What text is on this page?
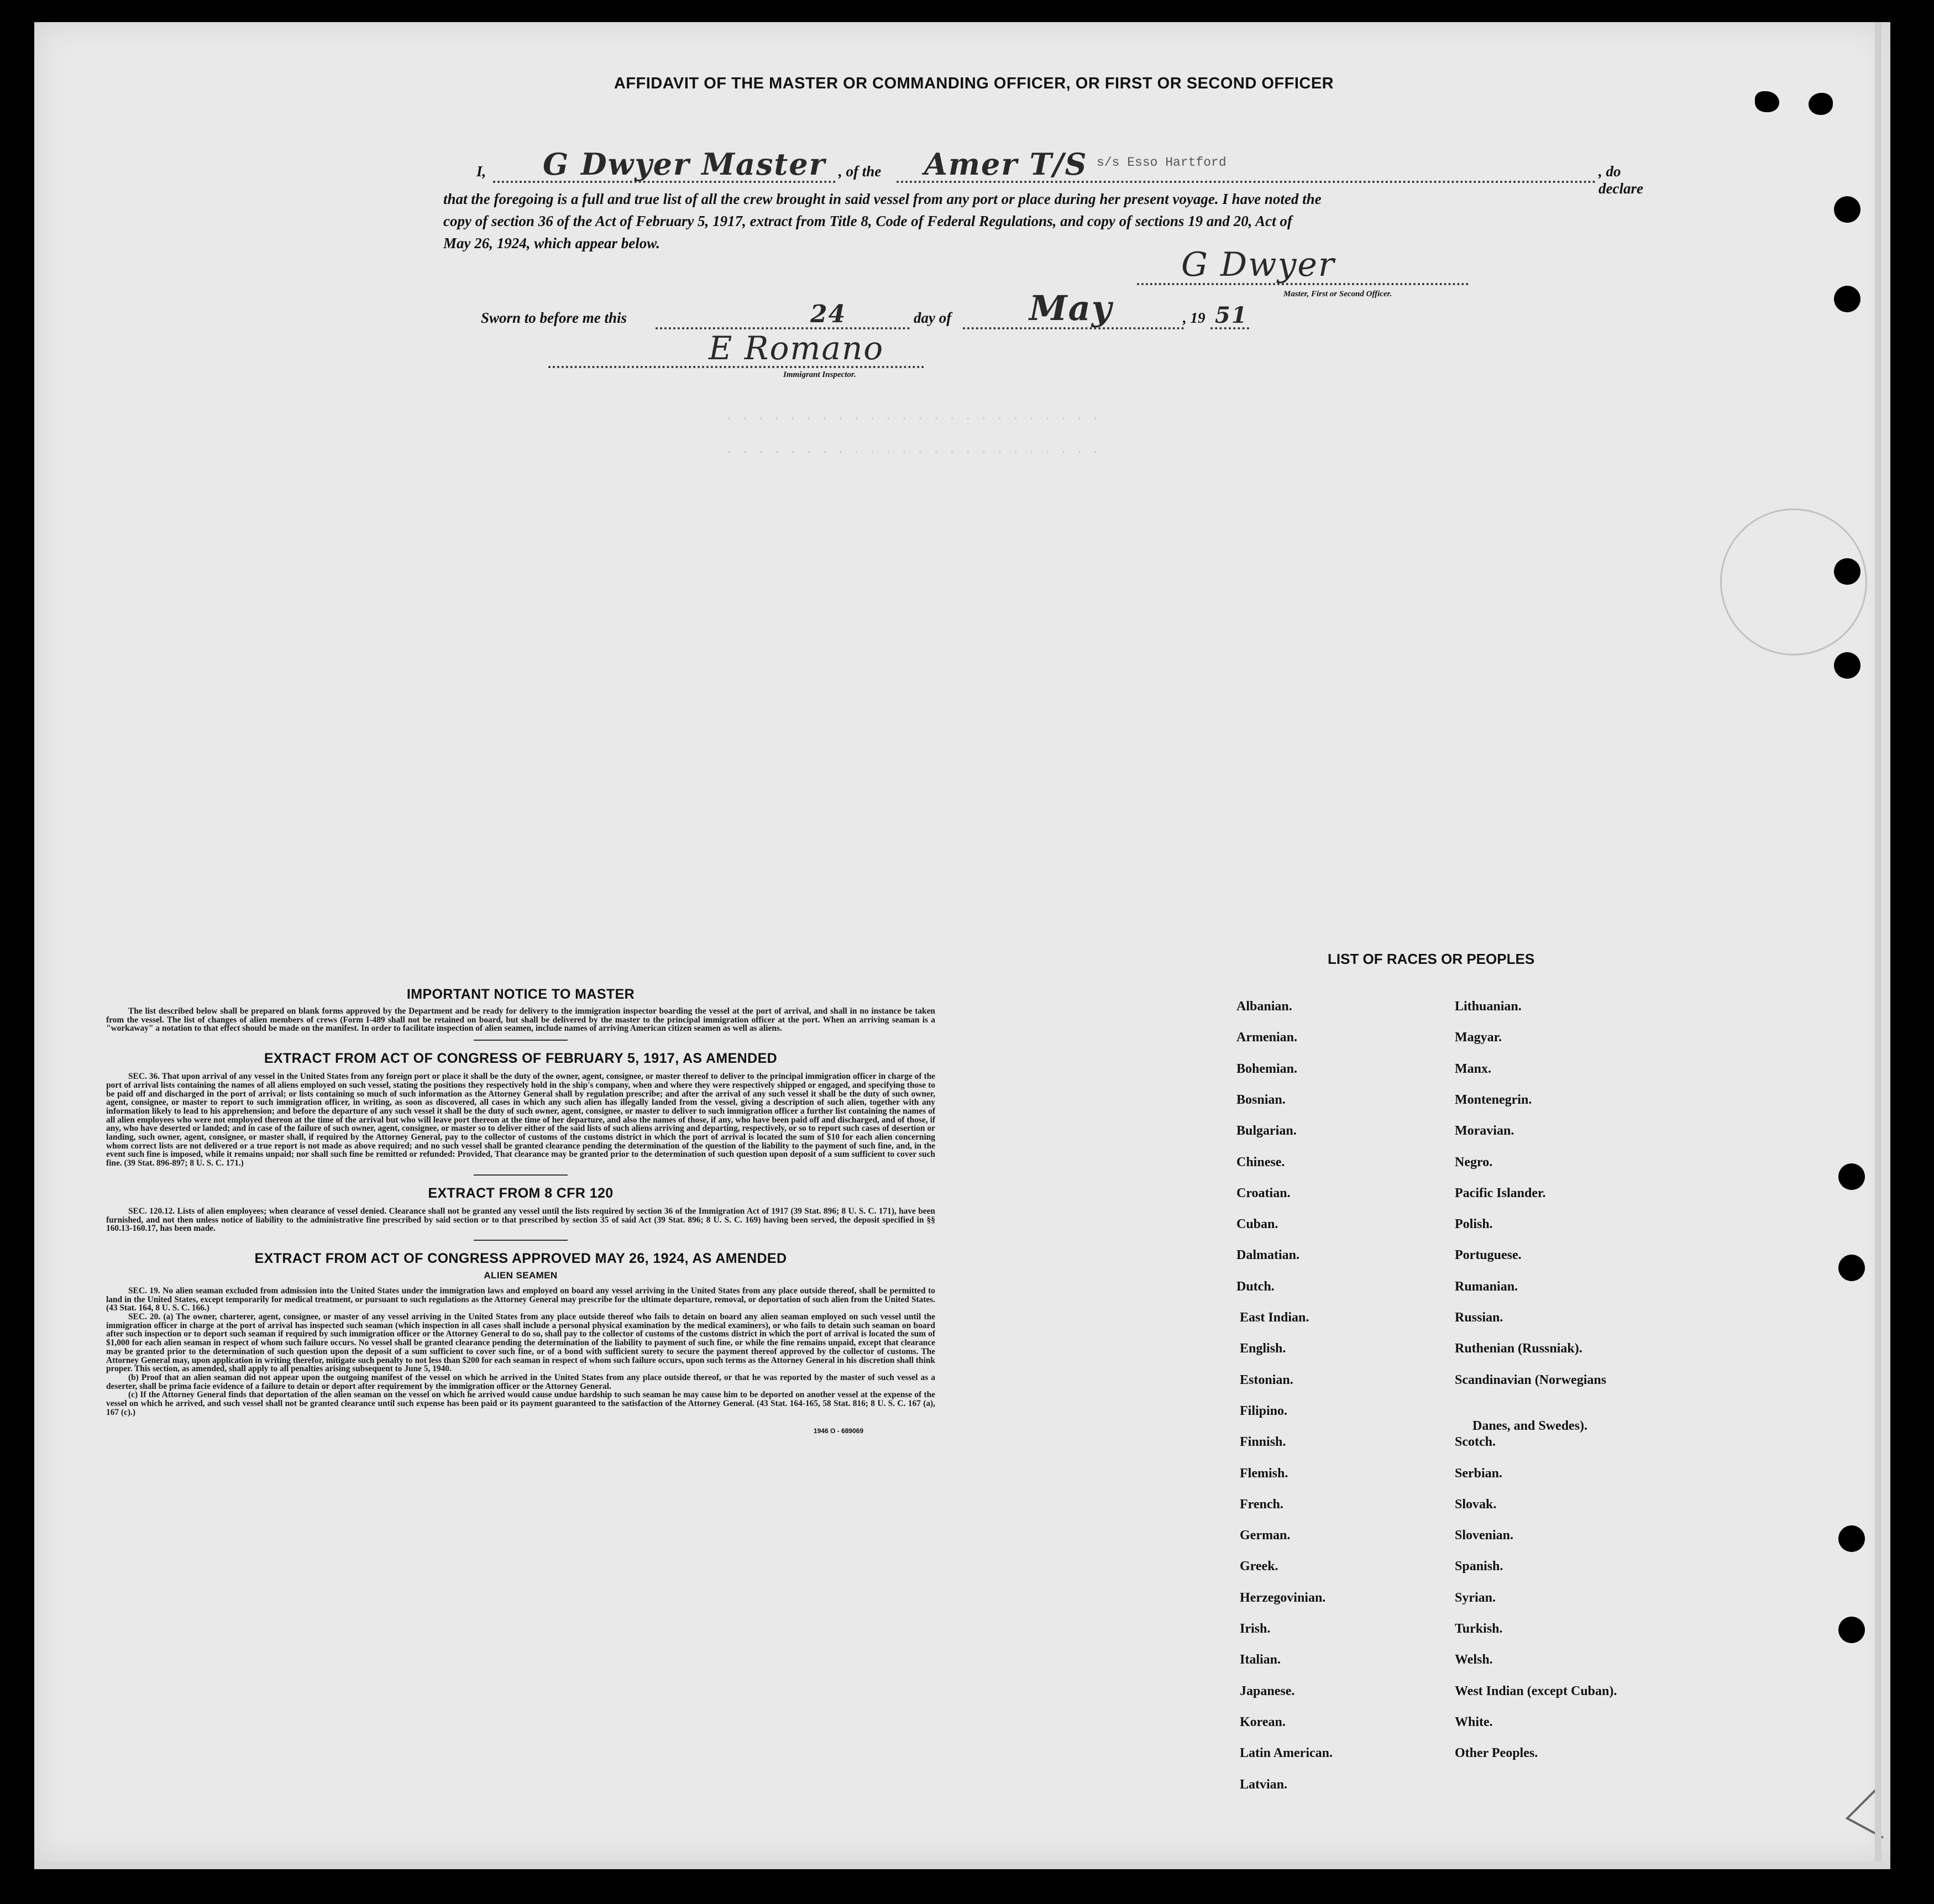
. . . . . . . . . . . . . . . . . . . . . . . .
. . . . . . . . . . . . . . . . . . . . . . . .
AFFIDAVIT OF THE MASTER OR COMMANDING OFFICER, OR FIRST OR SECOND OFFICER
I, G Dwyer Master , of the Amer T/S s/s Esso Hartford
, do declare
that the foregoing is a full and true list of all the crew brought in said vessel from any port or place during her present voyage. I have noted the
copy of section 36 of the Act of February 5, 1917, extract from Title 8, Code of Federal Regulations, and copy of sections 19 and 20, Act of
May 26, 1924, which appear below.
G Dwyer
Master, First or Second Officer.
Sworn to before me this	24	day of May	, 19 51
E Romano
Immigrant Inspector.
IMPORTANT NOTICE TO MASTER

The list described below shall be prepared on blank forms approved by the Department and be ready for delivery to the immigration inspector boarding the vessel at the port of arrival, and shall in no instance be taken from the vessel. The list of changes of alien members of crews (Form I-489 shall not be retained on board, but shall be delivered by the master to the principal immigration officer at the port. When an arriving seaman is a "workaway" a notation to that effect should be made on the manifest. In order to facilitate inspection of alien seamen, include names of arriving American citizen seamen as well as aliens.

EXTRACT FROM ACT OF CONGRESS OF FEBRUARY 5, 1917, AS AMENDED

SEC. 36. That upon arrival of any vessel in the United States from any foreign port or place it shall be the duty of the owner, agent, consignee, or master thereof to deliver to the principal immigration officer in charge of the port of arrival lists containing the names of all aliens employed on such vessel, stating the positions they respectively hold in the ship's company, when and where they were respectively shipped or engaged, and specifying those to be paid off and discharged in the port of arrival; or lists containing so much of such information as the Attorney General shall by regulation prescribe; and after the arrival of any such vessel it shall be the duty of such owner, agent, consignee, or master to report to such immigration officer, in writing, as soon as discovered, all cases in which any such alien has illegally landed from the vessel, giving a description of such alien, together with any information likely to lead to his apprehension; and before the departure of any such vessel it shall be the duty of such owner, agent, consignee, or master to deliver to such immigration officer a further list containing the names of all alien employees who were not employed thereon at the time of the arrival but who will leave port thereon at the time of her departure, and also the names of those, if any, who have been paid off and discharged, and of those, if any, who have deserted or landed; and in case of the failure of such owner, agent, consignee, or master so to deliver either of the said lists of such aliens arriving and departing, respectively, or so to report such cases of desertion or landing, such owner, agent, consignee, or master shall, if required by the Attorney General, pay to the collector of customs of the customs district in which the port of arrival is located the sum of $10 for each alien concerning whom correct lists are not delivered or a true report is not made as above required; and no such vessel shall be granted clearance pending the determination of the question of the liability to the payment of such fine, and, in the event such fine is imposed, while it remains unpaid; nor shall such fine be remitted or refunded: Provided, That clearance may be granted prior to the determination of such question upon deposit of a sum sufficient to cover such fine. (39 Stat. 896-897; 8 U. S. C. 171.)

EXTRACT FROM 8 CFR 120

SEC. 120.12. Lists of alien employees; when clearance of vessel denied. Clearance shall not be granted any vessel until the lists required by section 36 of the Immigration Act of 1917 (39 Stat. 896; 8 U. S. C. 171), have been furnished, and not then unless notice of liability to the administrative fine prescribed by said section or to that prescribed by section 35 of said Act (39 Stat. 896; 8 U. S. C. 169) having been served, the deposit specified in §§ 160.13-160.17, has been made.

EXTRACT FROM ACT OF CONGRESS APPROVED MAY 26, 1924, AS AMENDED
ALIEN SEAMEN

SEC. 19. No alien seaman excluded from admission into the United States under the immigration laws and employed on board any vessel arriving in the United States from any place outside thereof, shall be permitted to land in the United States, except temporarily for medical treatment, or pursuant to such regulations as the Attorney General may prescribe for the ultimate departure, removal, or deportation of such alien from the United States. (43 Stat. 164, 8 U. S. C. 166.)

SEC. 20. (a) The owner, charterer, agent, consignee, or master of any vessel arriving in the United States from any place outside thereof who fails to detain on board any alien seaman employed on such vessel until the immigration officer in charge at the port of arrival has inspected such seaman (which inspection in all cases shall include a personal physical examination by the medical examiners), or who fails to detain such seaman on board after such inspection or to deport such seaman if required by such immigration officer or the Attorney General to do so, shall pay to the collector of customs of the customs district in which the port of arrival is located the sum of $1,000 for each alien seaman in respect of whom such failure occurs. No vessel shall be granted clearance pending the determination of the liability to payment of such fine, or while the fine remains unpaid, except that clearance may be granted prior to the determination of such question upon the deposit of a sum sufficient to cover such fine, or of a bond with sufficient surety to secure the payment thereof approved by the collector of customs. The Attorney General may, upon application in writing therefor, mitigate such penalty to not less than $200 for each seaman in respect of whom such failure occurs, upon such terms as the Attorney General in his discretion shall think proper. This section, as amended, shall apply to all penalties arising subsequent to June 5, 1940.

(b) Proof that an alien seaman did not appear upon the outgoing manifest of the vessel on which he arrived in the United States from any place outside thereof, or that he was reported by the master of such vessel as a deserter, shall be prima facie evidence of a failure to detain or deport after requirement by the immigration officer or the Attorney General.

(c) If the Attorney General finds that deportation of the alien seaman on the vessel on which he arrived would cause undue hardship to such seaman he may cause him to be deported on another vessel at the expense of the vessel on which he arrived, and such vessel shall not be granted clearance until such expense has been paid or its payment guaranteed to the satisfaction of the Attorney General. (43 Stat. 164-165, 58 Stat. 816; 8 U. S. C. 167 (a), 167 (c).)

1946 O - 689069
LIST OF RACES OR PEOPLES
Albanian.
Armenian.
Bohemian.
Bosnian.
Bulgarian.
Chinese.
Croatian.
Cuban.
Dalmatian.
Dutch.
East Indian.
English.
Estonian.
Filipino.
Finnish.
Flemish.
French.
German.
Greek.
Herzegovinian.
Irish.
Italian.
Japanese.
Korean.
Latin American.
Latvian.
Lithuanian.
Magyar.
Manx.
Montenegrin.
Moravian.
Negro.
Pacific Islander.
Polish.
Portuguese.
Rumanian.
Russian.
Ruthenian (Russniak).
Scandinavian (Norwegians
Danes, and Swedes).
Scotch.
Serbian.
Slovak.
Slovenian.
Spanish.
Syrian.
Turkish.
Welsh.
West Indian (except Cuban).
White.
Other Peoples.
